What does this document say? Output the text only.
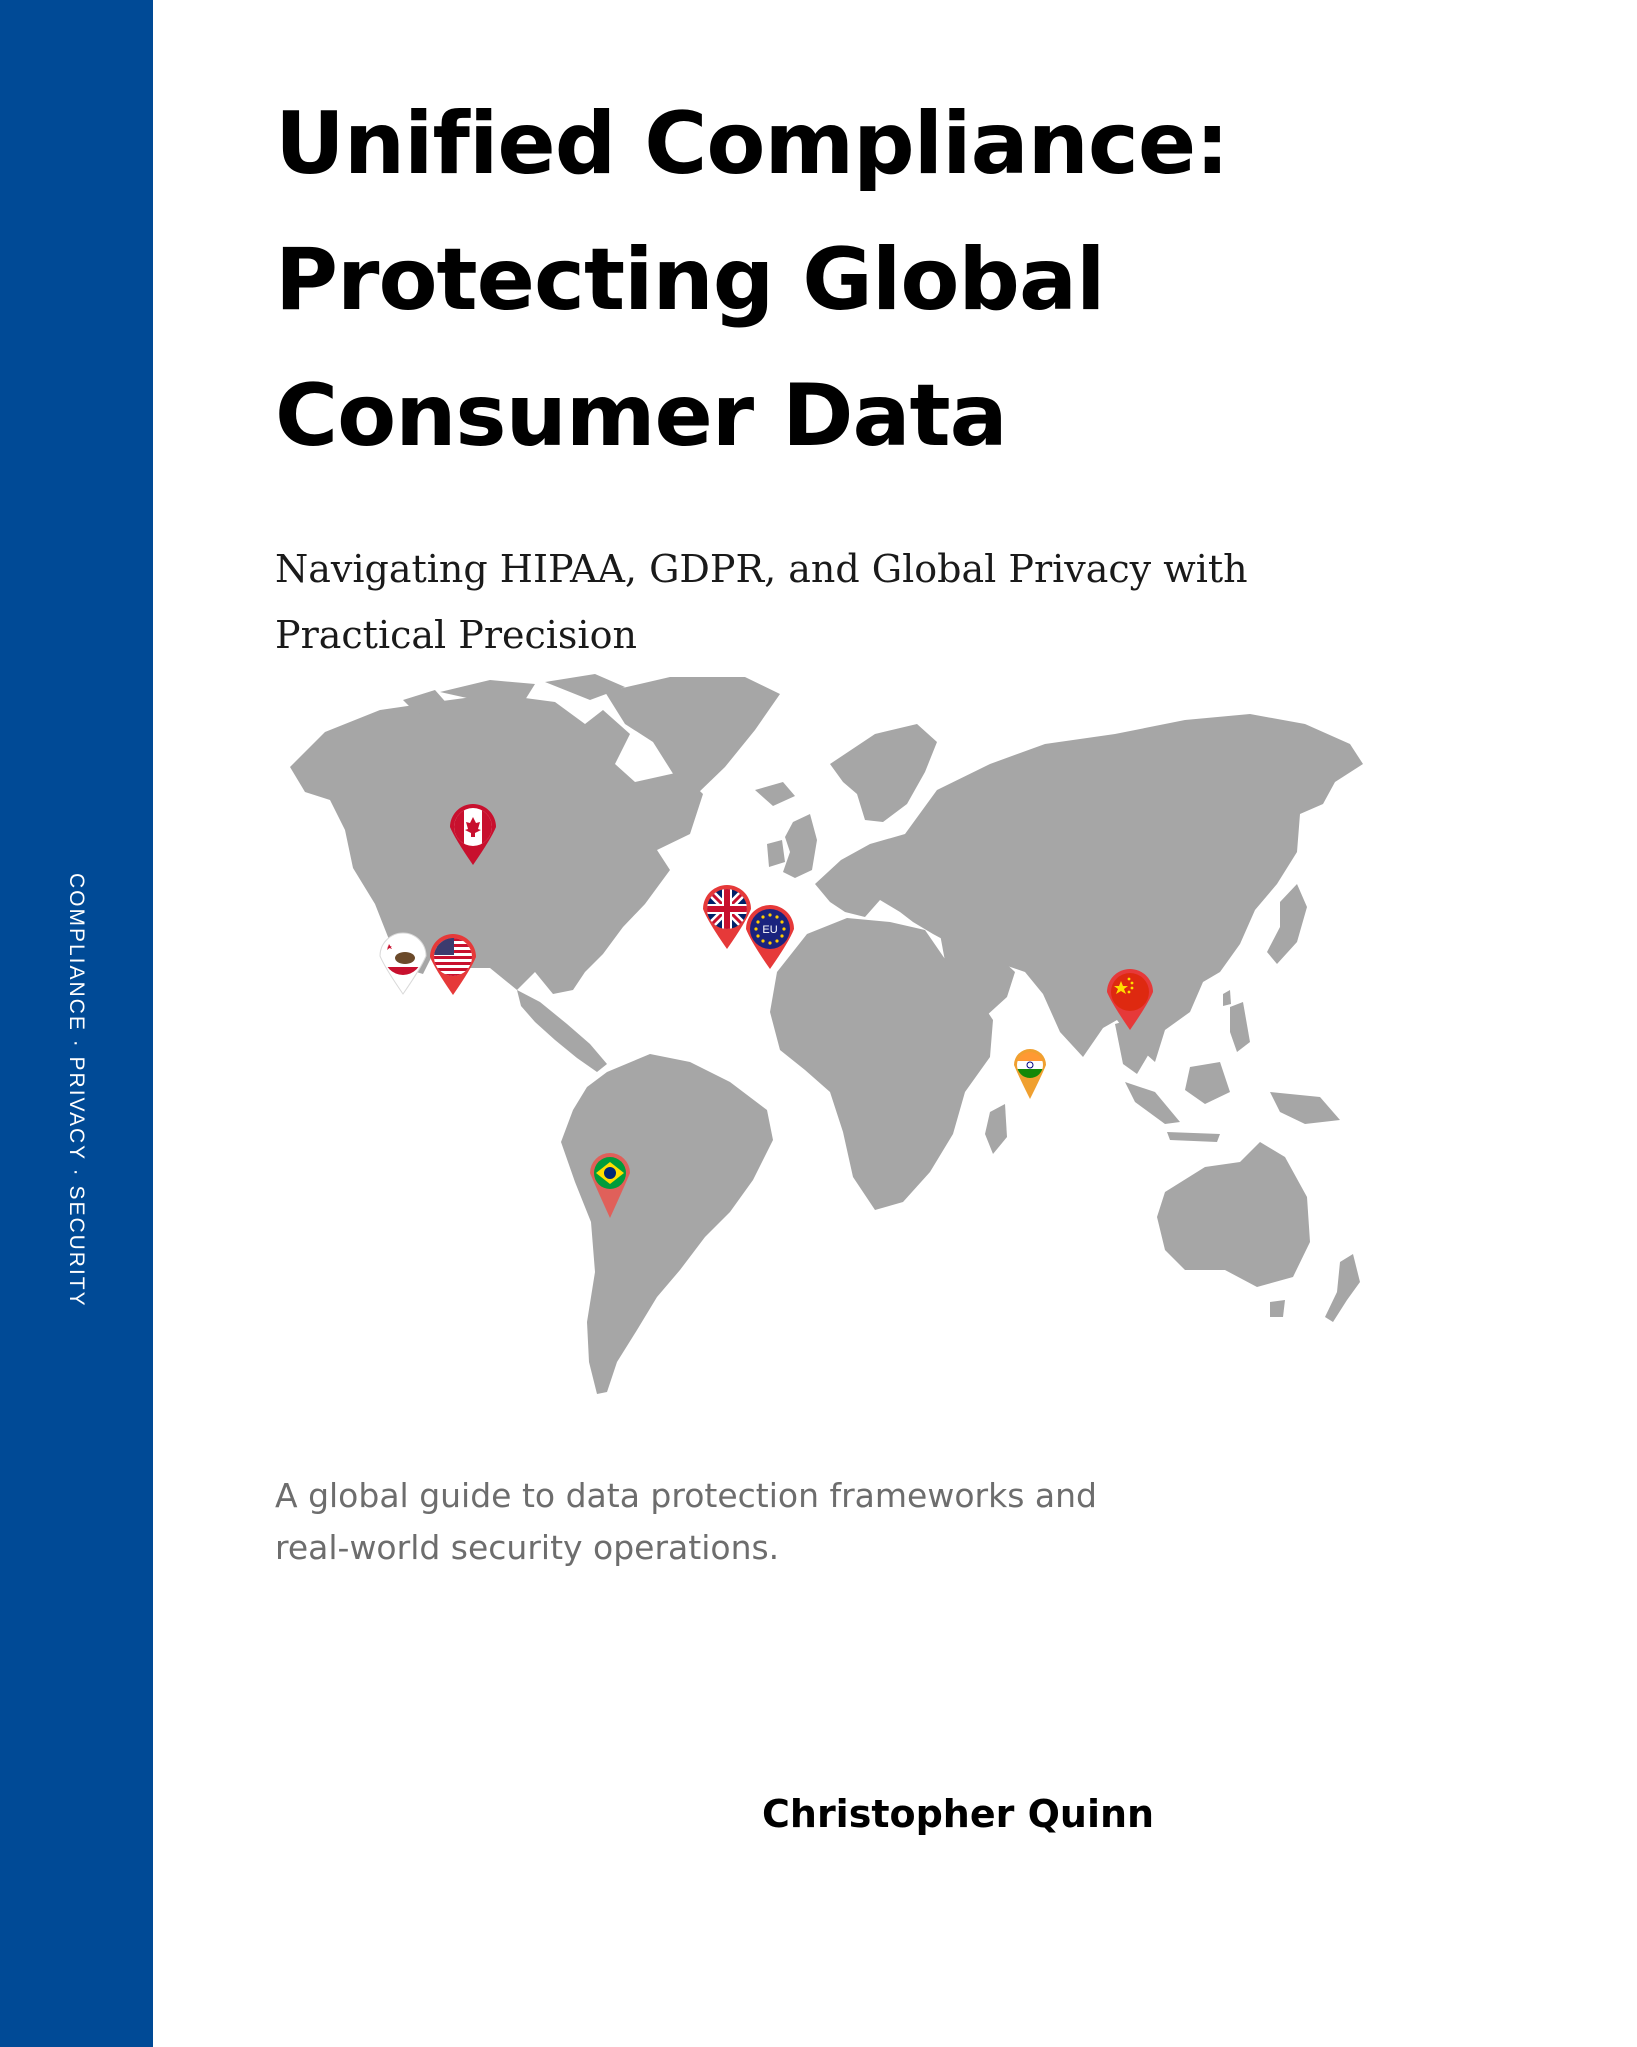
COMPLIANCE · PRIVACY · SECURITY
Unified Compliance:
Protecting Global
Consumer Data

Navigating HIPAA, GDPR, and Global Privacy with
Practical Precision

EU

A global guide to data protection frameworks and
real-world security operations.

Christopher Quinn
